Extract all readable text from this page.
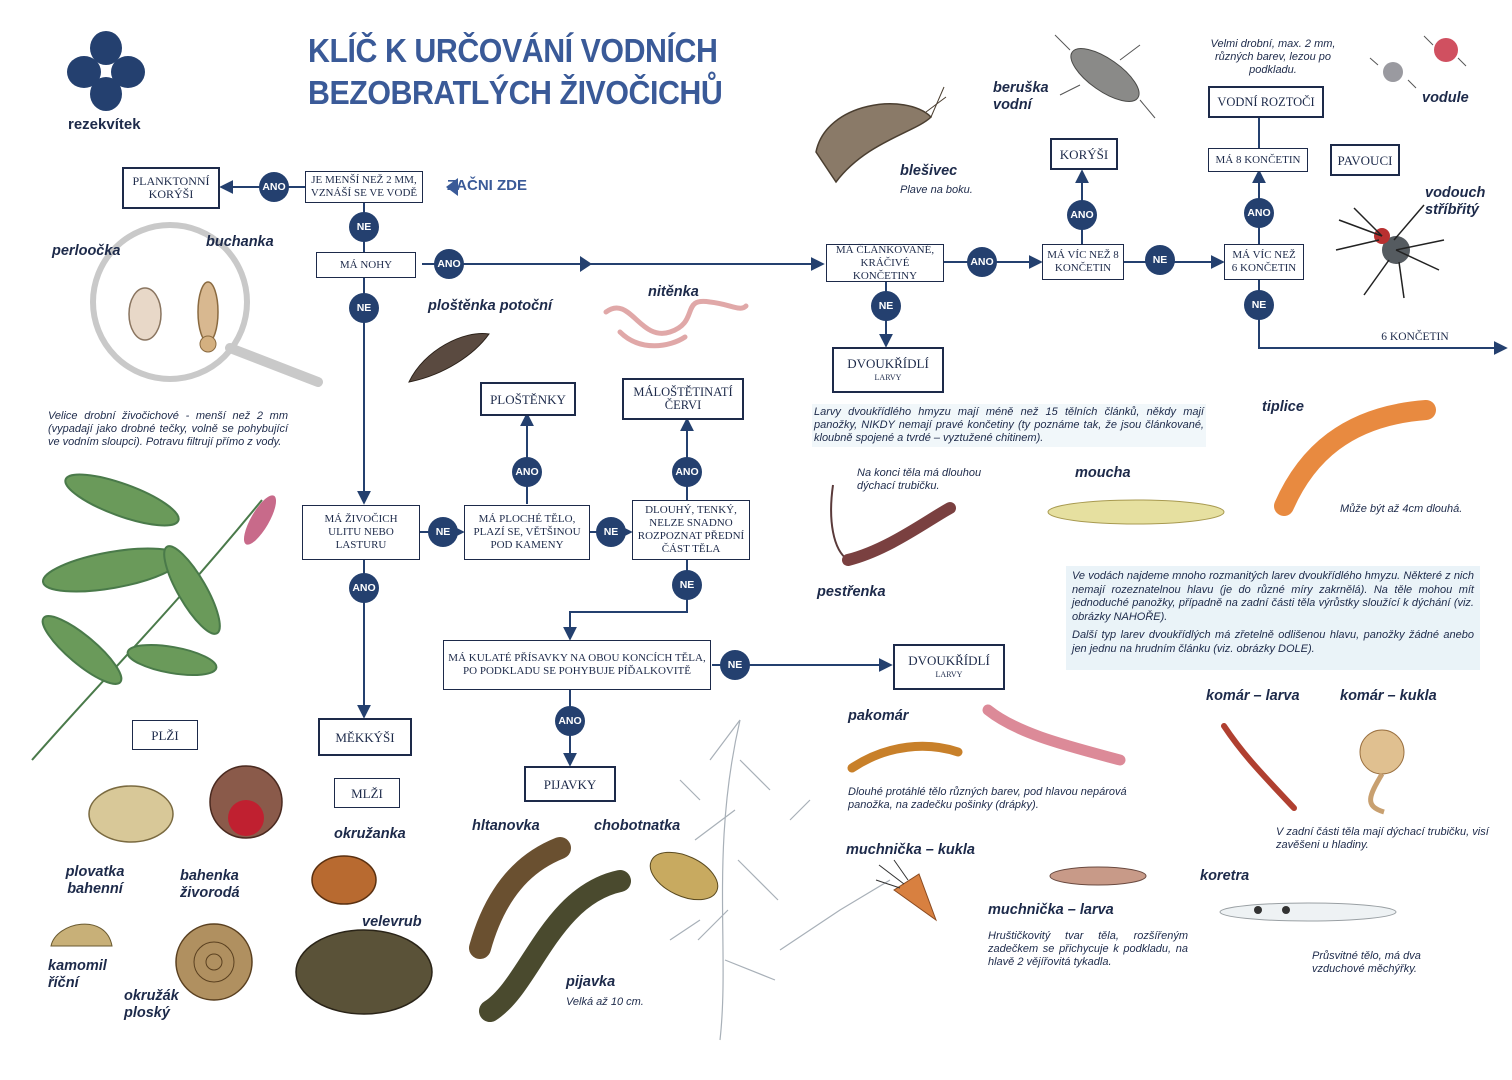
rezekvítek
KLÍČ K URČOVÁNÍ VODNÍCH
BEZOBRATLÝCH ŽIVOČICHŮ
ZAČNI ZDE
PLANKTONNÍ KORÝŠI
JE MENŠÍ NEŽ 2 MM, VZNÁŠÍ SE VE VODĚ
MÁ NOHY
MÁ ČLÁNKOVANÉ, KRÁČIVÉ KONČETINY
MÁ VÍC NEŽ 8 KONČETIN
MÁ VÍC NEŽ 6 KONČETIN
KORÝŠI	MÁ 8 KONČETIN	PAVOUCI
VODNÍ ROZTOČI
DVOUKŘÍDLÍ
larvy
PLOŠTĚNKY	MÁLOŠTĚTINATÍ ČERVI
MÁ ŽIVOČICH ULITU NEBO LASTURU
MÁ PLOCHÉ TĚLO, PLAZÍ SE, VĚTŠINOU POD KAMENY
DLOUHÝ, TENKÝ, NELZE SNADNO ROZPOZNAT PŘEDNÍ ČÁST TĚLA
MÁ KULATÉ PŘÍSAVKY NA OBOU KONCÍCH TĚLA, PO PODKLADU SE POHYBUJE PÍĎALKOVITĚ
DVOUKŘÍDLÍ
larvy
MĚKKÝŠI
PIJAVKY
PLŽI
MLŽI
6 KONČETIN
ANO
NE
ANO
NE
ANO
NE
ANO
NE
ANO
NE
NE
ANO
NE
ANO
NE
ANO
NE
ANO
perloočka
buchanka
ploštěnka potoční
nitěnka
blešivec
beruška vodní	vodule
vodouch stříbřitý
tiplice
moucha
pestřenka
pakomár
komár – larva	komár – kukla
muchnička – kukla
muchnička – larva
koretra
plovatka bahenní
bahenka živorodá
kamomil říční
okružák ploský
okružanka
velevrub
hltanovka	chobotnatka
pijavka
Velice drobní živočichové - menší než 2 mm (vypadají jako drobné tečky, volně se pohybující ve vodním sloupci). Potravu filtrují přímo z vody.
Plave na boku.
Velmi drobní, max. 2 mm, různých barev, lezou po podkladu.
Larvy dvoukřídlého hmyzu mají méně než 15 tělních článků, někdy mají panožky, NIKDY nemají pravé končetiny (ty poznáme tak, že jsou článkované, kloubně spojené a tvrdé – vyztužené chitinem).
Na konci těla má dlouhou dýchací trubičku.
Může být až 4cm dlouhá.
Ve vodách najdeme mnoho rozmanitých larev dvoukřídlého hmyzu. Některé z nich nemají rozeznatelnou hlavu (je do různé míry zakrnělá). Na těle mohou mít jednoduché panožky, případně na zadní části těla výrůstky sloužící k dýchání (viz. obrázky NAHOŘE).
Další typ larev dvoukřídlých má zřetelně odlišenou hlavu, panožky žádné anebo jen jednu na hrudním článku (viz. obrázky DOLE).
Dlouhé protáhlé tělo různých barev, pod hlavou nepárová panožka, na zadečku pošinky (drápky).
V zadní části těla mají dýchací trubičku, visí zavěšeni u hladiny.
Hruštičkovitý tvar těla, rozšířeným zadečkem se přichycuje k podkladu, na hlavě 2 vějířovitá tykadla.	Průsvitné tělo, má dva vzduchové měchýřky.
Velká až 10 cm.
